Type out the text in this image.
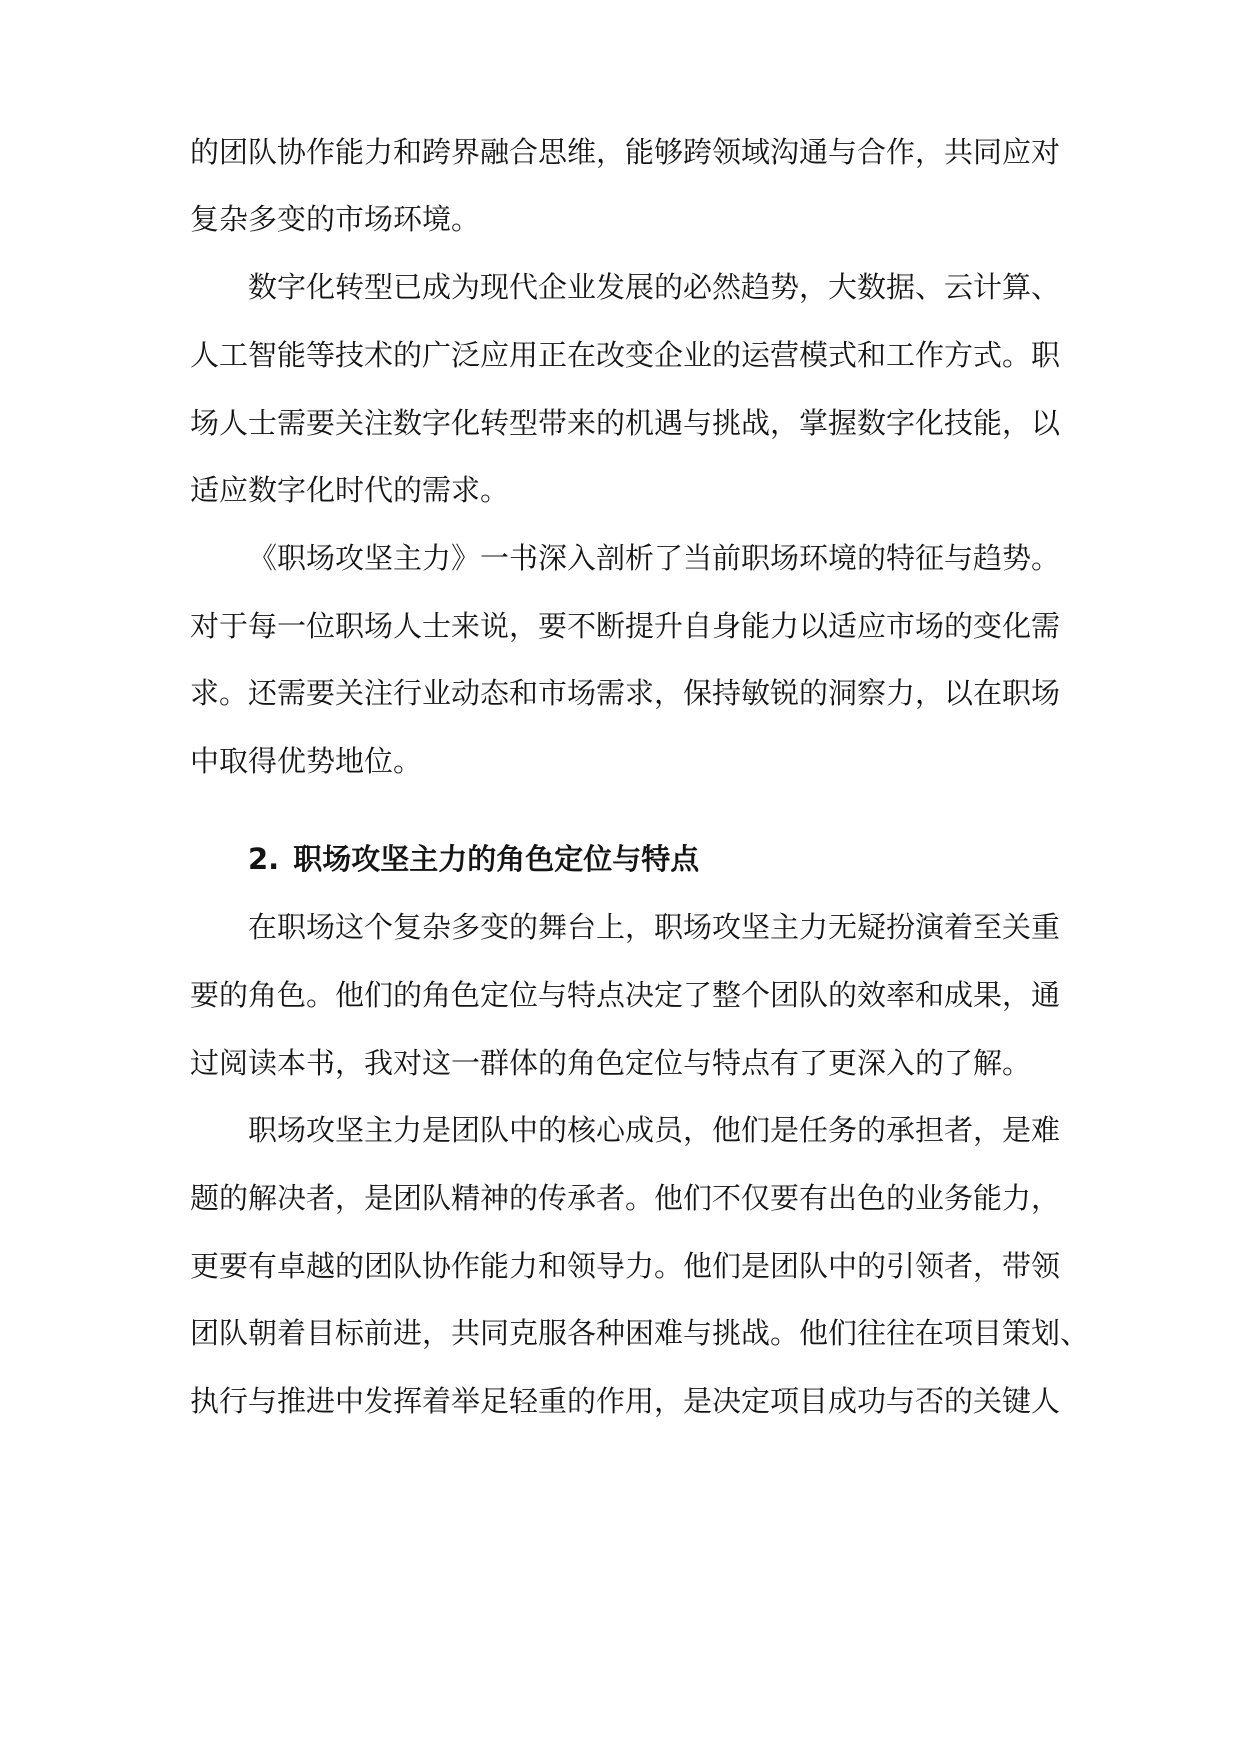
的团队协作能力和跨界融合思维，能够跨领域沟通与合作，共同应对
复杂多变的市场环境。
数字化转型已成为现代企业发展的必然趋势，大数据、云计算、
人工智能等技术的广泛应用正在改变企业的运营模式和工作方式。职
场人士需要关注数字化转型带来的机遇与挑战，掌握数字化技能，以
适应数字化时代的需求。
《职场攻坚主力》一书深入剖析了当前职场环境的特征与趋势。
对于每一位职场人士来说，要不断提升自身能力以适应市场的变化需
求。还需要关注行业动态和市场需求，保持敏锐的洞察力，以在职场
中取得优势地位。
2. 职场攻坚主力的角色定位与特点
在职场这个复杂多变的舞台上，职场攻坚主力无疑扮演着至关重
要的角色。他们的角色定位与特点决定了整个团队的效率和成果，通
过阅读本书，我对这一群体的角色定位与特点有了更深入的了解。
职场攻坚主力是团队中的核心成员，他们是任务的承担者，是难
题的解决者，是团队精神的传承者。他们不仅要有出色的业务能力，
更要有卓越的团队协作能力和领导力。他们是团队中的引领者，带领
团队朝着目标前进，共同克服各种困难与挑战。他们往往在项目策划、
执行与推进中发挥着举足轻重的作用，是决定项目成功与否的关键人
